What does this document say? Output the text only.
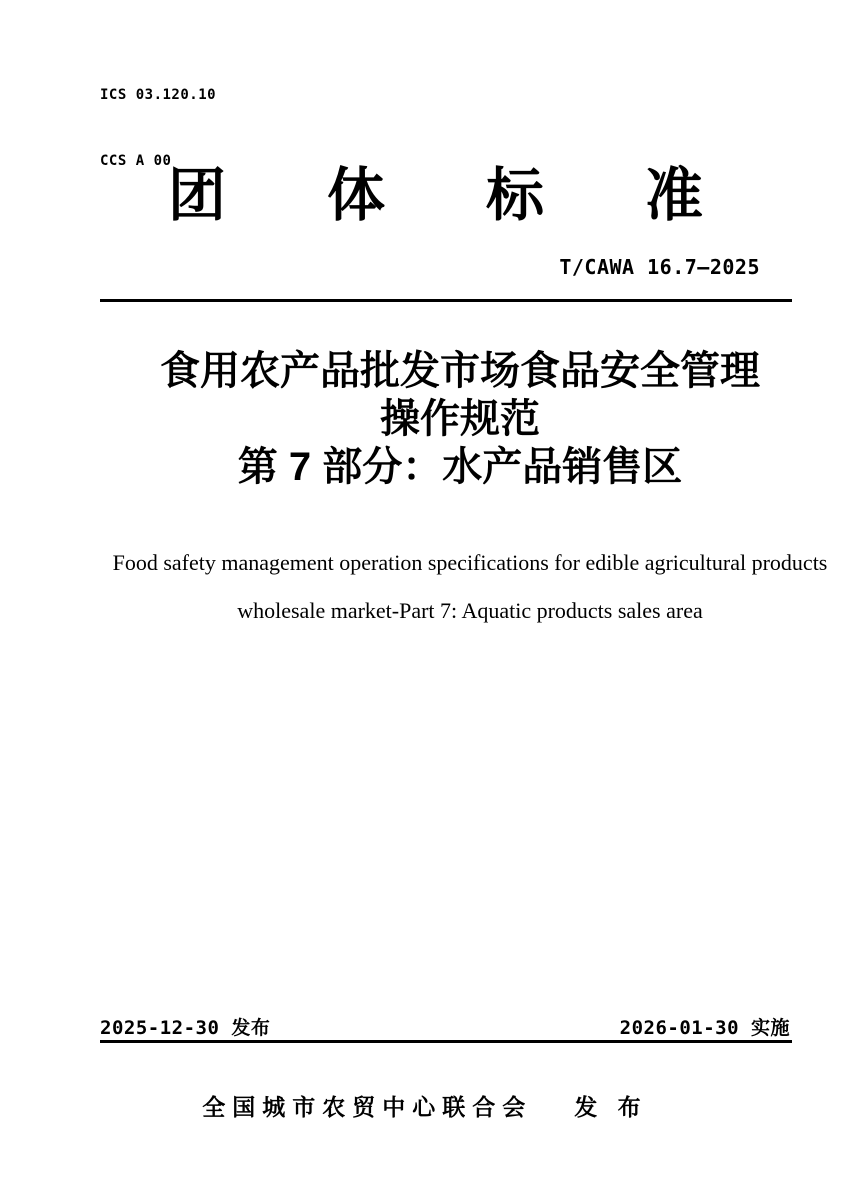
ICS 03.120.10

CCS A 00

团 体 标 准
T/CAWA 16.7—2025
食用农产品批发市场食品安全管理
操作规范
第 7 部分：水产品销售区
Food safety management operation specifications for edible agricultural products
wholesale market-Part 7: Aquatic products sales area
2025-12-30 发布	2026-01-30 实施
全国城市农贸中心联合会 发 布
